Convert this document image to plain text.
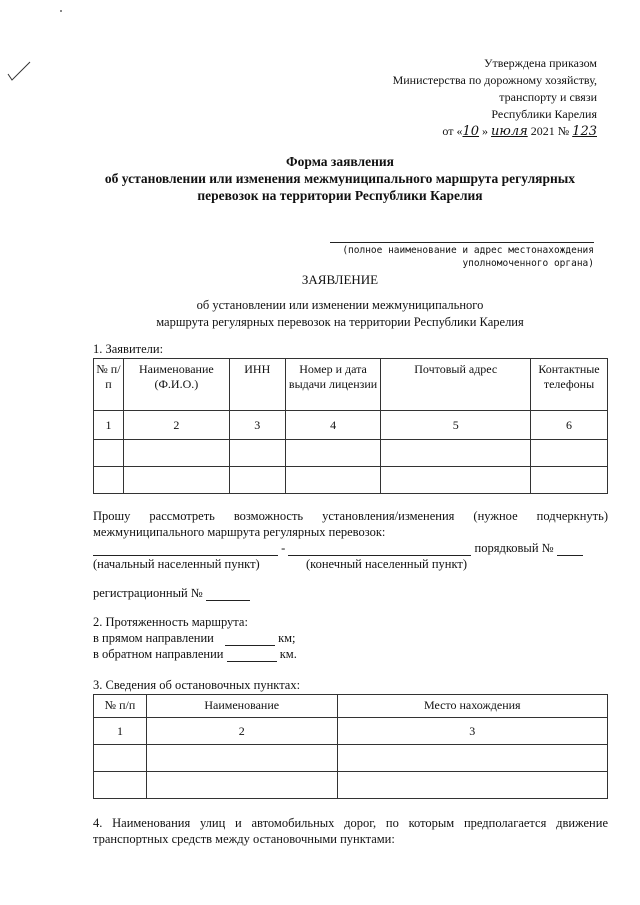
Утверждена приказом
Министерства по дорожному хозяйству,
транспорту и связи
Республики Карелия
от «10 » июля 2021 № 123
Форма заявления
об установлении или изменения межмуниципального маршрута регулярных
перевозок на территории Республики Карелия
(полное наименование и адрес местонахождения
уполномоченного органа)
ЗАЯВЛЕНИЕ
об установлении или изменении межмуниципального
маршрута регулярных перевозок на территории Республики Карелия
1. Заявители:
№ п/п	Наименование (Ф.И.О.)	ИНН	Номер и дата выдачи лицензии	Почтовый адрес	Контактные телефоны
1	2	3	4	5	6

Прошу рассмотреть возможность установления/изменения (нужное подчеркнуть) межмуниципального маршрута регулярных перевозок:
-	порядковый №
(начальный населенный пункт)	(конечный населенный пункт)
регистрационный №
2. Протяженность маршрута:
в прямом направлении	км;
в обратном направлении	км.
3. Сведения об остановочных пунктах:
№ п/п	Наименование	Место нахождения
1	2	3

4. Наименования улиц и автомобильных дорог, по которым предполагается движение транспортных средств между остановочными пунктами:
